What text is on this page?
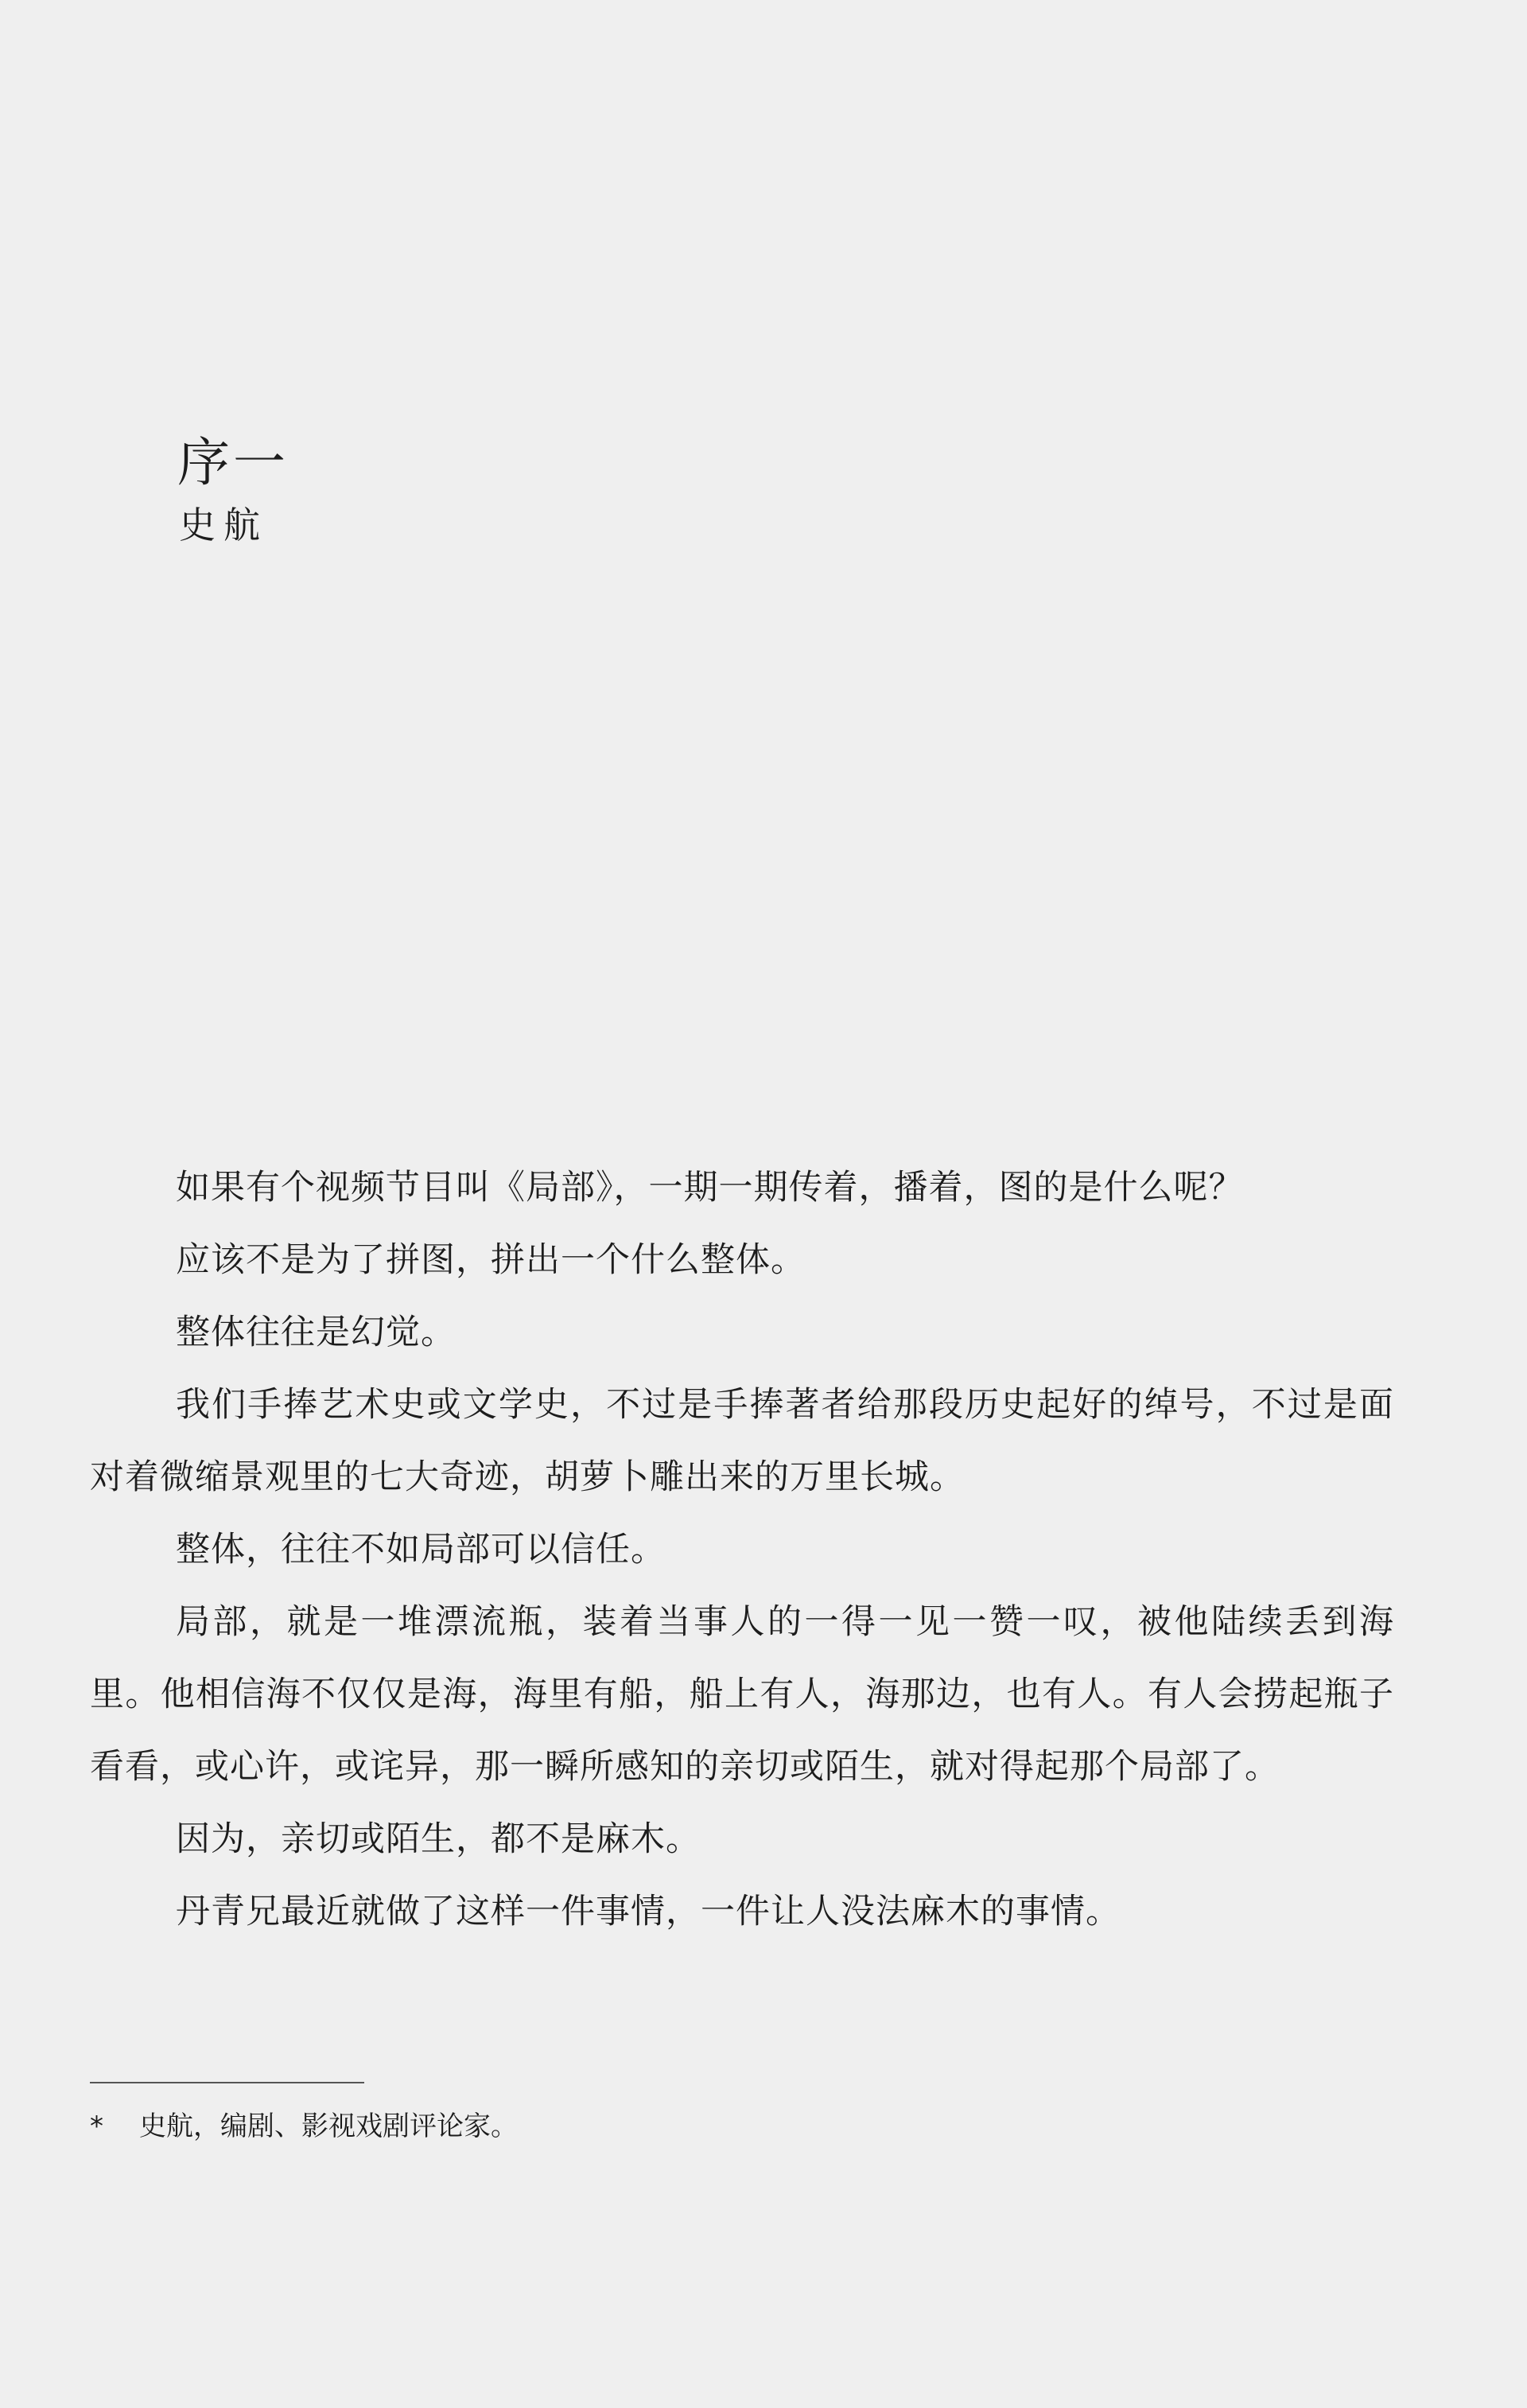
序一
史航

如果有个视频节目叫《局部》，一期一期传着，播着，图的是什么呢？

应该不是为了拼图，拼出一个什么整体。

整体往往是幻觉。

我们手捧艺术史或文学史，不过是手捧著者给那段历史起好的绰号，不过是面对着微缩景观里的七大奇迹，胡萝卜雕出来的万里长城。

整体，往往不如局部可以信任。

局部，就是一堆漂流瓶，装着当事人的一得一见一赞一叹，被他陆续丢到海里。他相信海不仅仅是海，海里有船，船上有人，海那边，也有人。有人会捞起瓶子看看，或心许，或诧异，那一瞬所感知的亲切或陌生，就对得起那个局部了。

因为，亲切或陌生，都不是麻木。

丹青兄最近就做了这样一件事情，一件让人没法麻木的事情。

* 史航，编剧、影视戏剧评论家。
